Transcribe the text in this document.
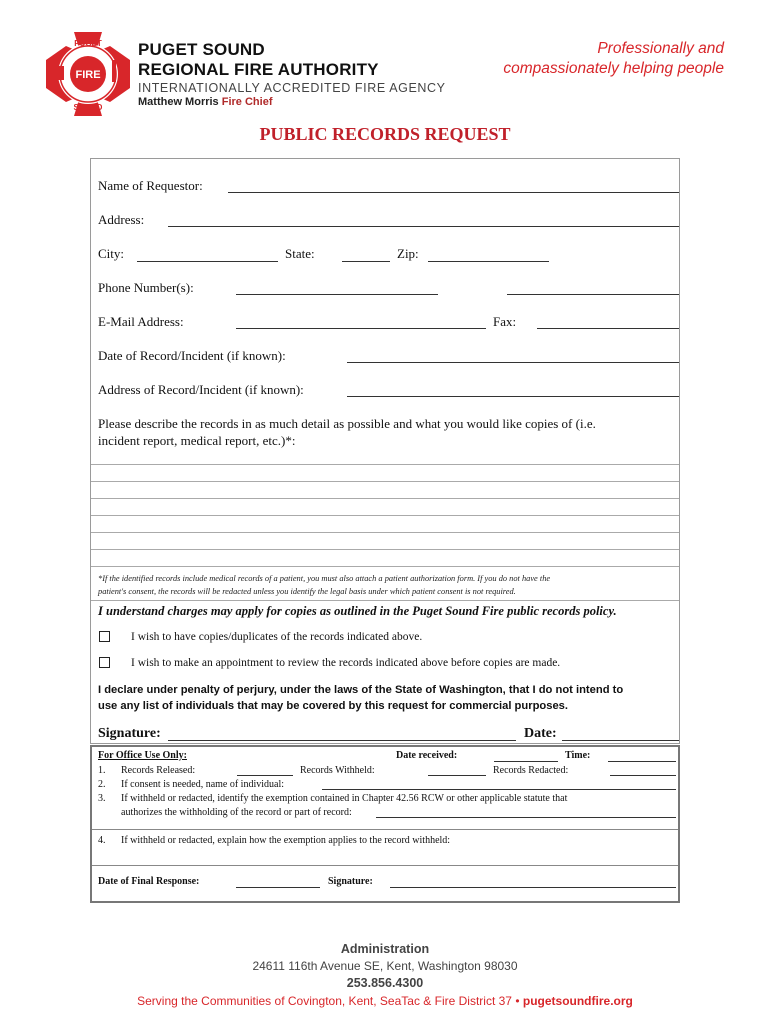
PUGET
FIRE
SOUND
PUGET SOUND
REGIONAL FIRE AUTHORITY
INTERNATIONALLY ACCREDITED FIRE AGENCY
Matthew Morris Fire Chief
Professionally and
compassionately helping people
PUBLIC RECORDS REQUEST
Name of Requestor:
Address:
City:	State:	Zip:
Phone Number(s):
E-Mail Address:	Fax:
Date of Record/Incident (if known):
Address of Record/Incident (if known):
Please describe the records in as much detail as possible and what you would like copies of (i.e.
incident report, medical report, etc.)*:
*If the identified records include medical records of a patient, you must also attach a patient authorization form. If you do not have the
patient's consent, the records will be redacted unless you identify the legal basis under which patient consent is not required.
I understand charges may apply for copies as outlined in the Puget Sound Fire public records policy.
I wish to have copies/duplicates of the records indicated above.
I wish to make an appointment to review the records indicated above before copies are made.
I declare under penalty of perjury, under the laws of the State of Washington, that I do not intend to
use any list of individuals that may be covered by this request for commercial purposes.
Signature:	Date:
For Office Use Only:	Date received:	Time:
1. Records Released:	Records Withheld:	Records Redacted:
2. If consent is needed, name of individual:
3. If withheld or redacted, identify the exemption contained in Chapter 42.56 RCW or other applicable statute that
authorizes the withholding of the record or part of record:
4. If withheld or redacted, explain how the exemption applies to the record withheld:
Date of Final Response:	Signature:
Administration
24611 116th Avenue SE, Kent, Washington 98030
253.856.4300
Serving the Communities of Covington, Kent, SeaTac & Fire District 37 • pugetsoundfire.org
